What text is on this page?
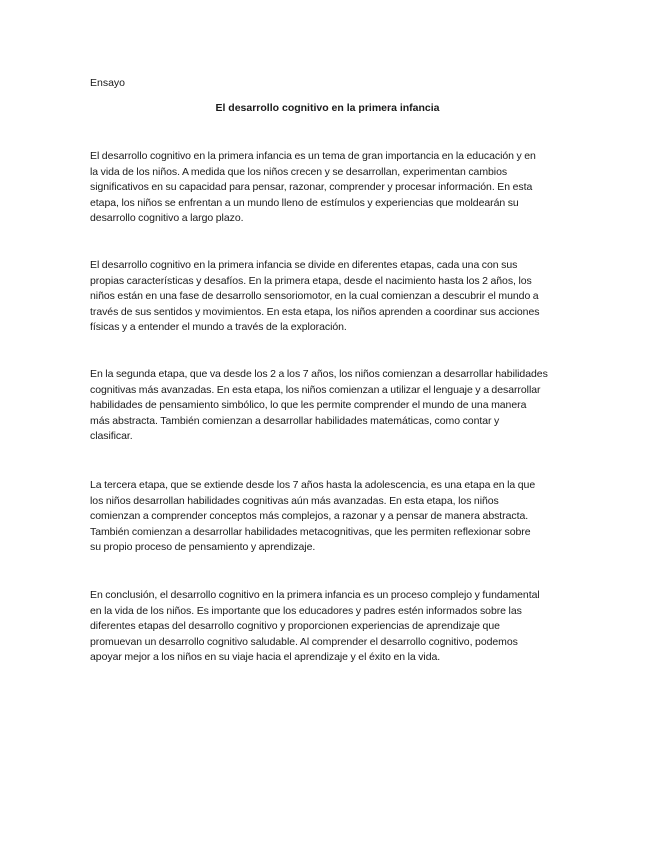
Ensayo
El desarrollo cognitivo en la primera infancia
El desarrollo cognitivo en la primera infancia es un tema de gran importancia en la educación y en
la vida de los niños. A medida que los niños crecen y se desarrollan, experimentan cambios
significativos en su capacidad para pensar, razonar, comprender y procesar información. En esta
etapa, los niños se enfrentan a un mundo lleno de estímulos y experiencias que moldearán su
desarrollo cognitivo a largo plazo.
El desarrollo cognitivo en la primera infancia se divide en diferentes etapas, cada una con sus
propias características y desafíos. En la primera etapa, desde el nacimiento hasta los 2 años, los
niños están en una fase de desarrollo sensoriomotor, en la cual comienzan a descubrir el mundo a
través de sus sentidos y movimientos. En esta etapa, los niños aprenden a coordinar sus acciones
físicas y a entender el mundo a través de la exploración.
En la segunda etapa, que va desde los 2 a los 7 años, los niños comienzan a desarrollar habilidades
cognitivas más avanzadas. En esta etapa, los niños comienzan a utilizar el lenguaje y a desarrollar
habilidades de pensamiento simbólico, lo que les permite comprender el mundo de una manera
más abstracta. También comienzan a desarrollar habilidades matemáticas, como contar y
clasificar.
La tercera etapa, que se extiende desde los 7 años hasta la adolescencia, es una etapa en la que
los niños desarrollan habilidades cognitivas aún más avanzadas. En esta etapa, los niños
comienzan a comprender conceptos más complejos, a razonar y a pensar de manera abstracta.
También comienzan a desarrollar habilidades metacognitivas, que les permiten reflexionar sobre
su propio proceso de pensamiento y aprendizaje.
En conclusión, el desarrollo cognitivo en la primera infancia es un proceso complejo y fundamental
en la vida de los niños. Es importante que los educadores y padres estén informados sobre las
diferentes etapas del desarrollo cognitivo y proporcionen experiencias de aprendizaje que
promuevan un desarrollo cognitivo saludable. Al comprender el desarrollo cognitivo, podemos
apoyar mejor a los niños en su viaje hacia el aprendizaje y el éxito en la vida.
